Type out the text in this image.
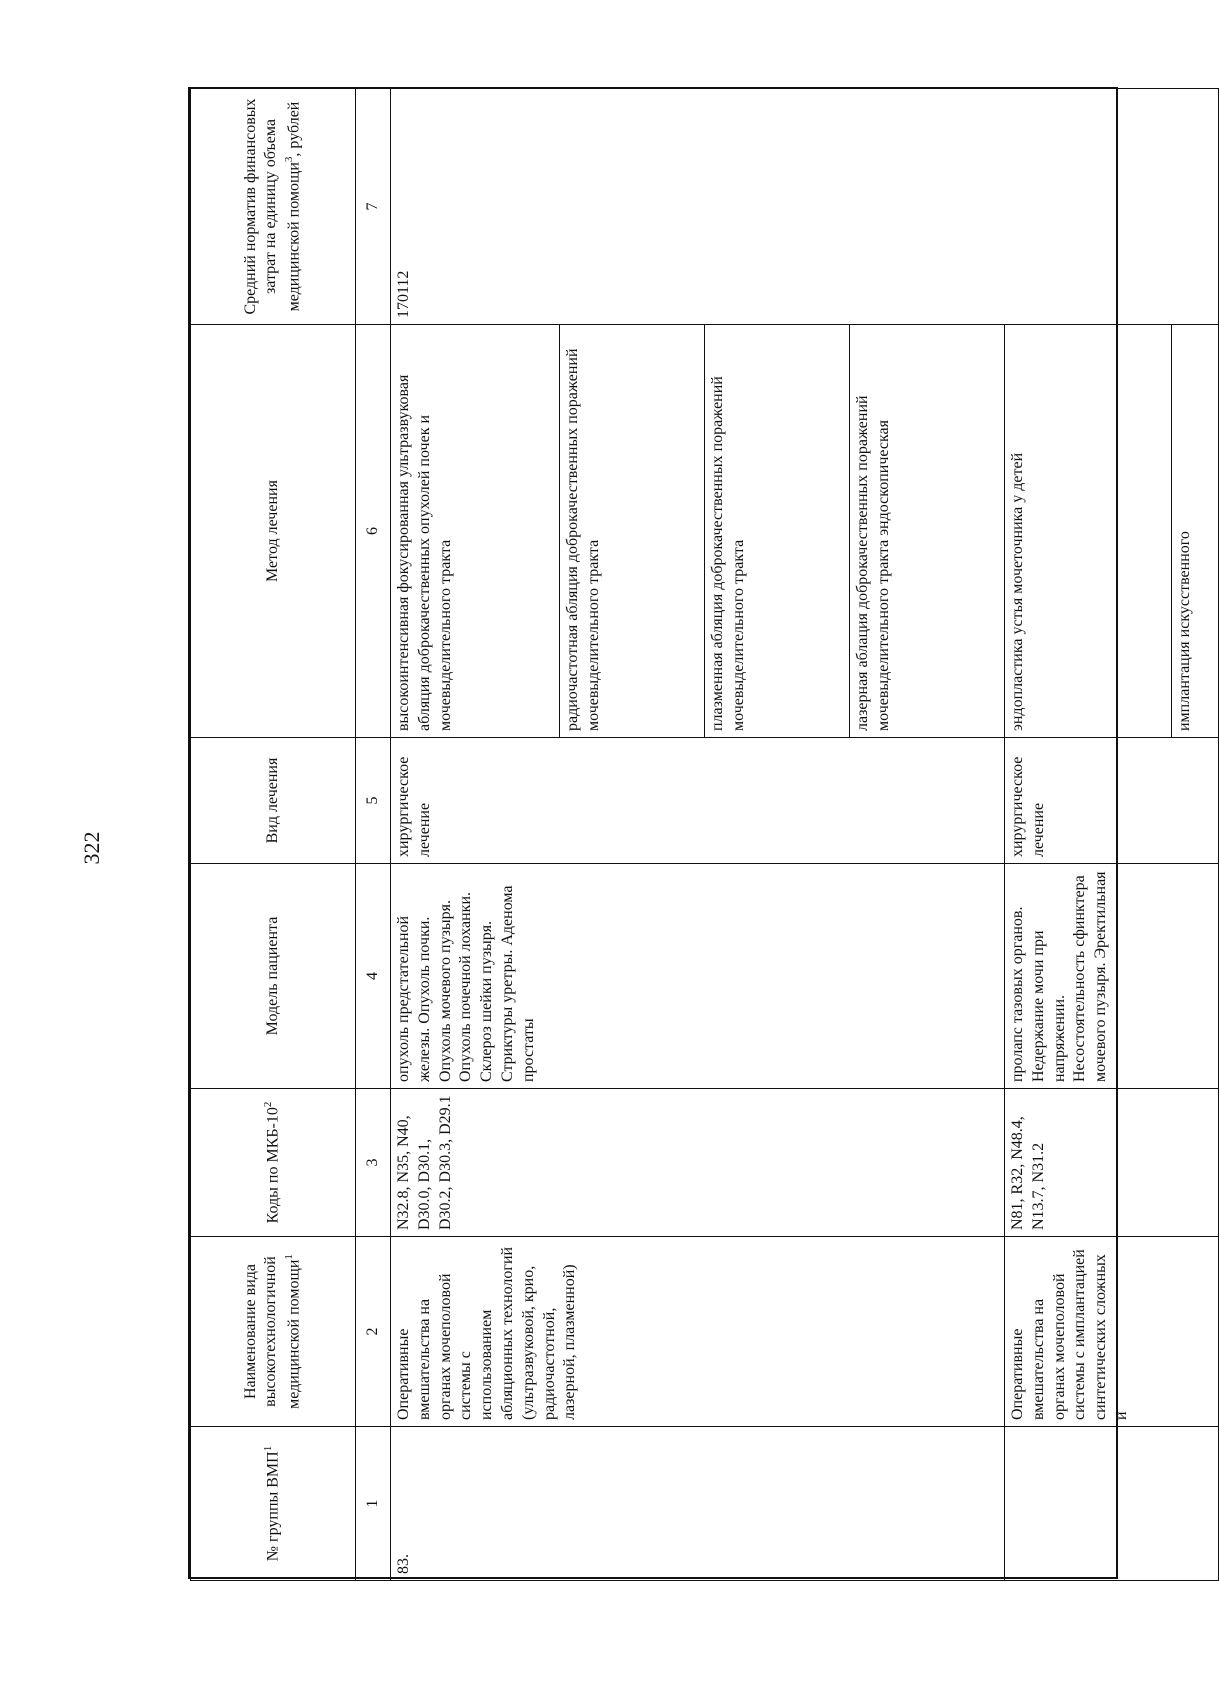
322
№ группы ВМП$^1$	Наименование вида высокотехнологичной медицинской помощи$^1$	Коды по МКБ-$10^2$	Модель пациента	Вид лечения	Метод лечения	Средний норматив финансовых затрат на единицу объема медицинской помощи$^3$, рублей
1	2	3	4	5	6	7
83.	Оперативные вмешательства на органах мочеполовой системы с использованием абляционных технологий (ультразвуковой, крио, радиочастотной, лазерной, плазменной)	N32.8, N35, N40, D30.0, D30.1, D30.2, D30.3, D29.1	опухоль предстательной железы. Опухоль почки. Опухоль мочевого пузыря. Опухоль почечной лоханки. Склероз шейки пузыря. Стриктуры уретры. Аденома простаты	хирургическое лечение	высокоинтенсивная фокусированная ультразвуковая абляция доброкачественных опухолей почек и мочевыделительного тракта	170112
					радиочастотная абляция доброкачественных поражений мочевыделительного тракта	
					плазменная абляция доброкачественных поражений мочевыделительного тракта	
					лазерная аблация доброкачественных поражений мочевыделительного тракта эндоскопическая	
	Оперативные вмешательства на органах мочеполовой системы с имплантацией синтетических сложных и	N81, R32, N48.4, N13.7, N31.2	пролапс тазовых органов. Недержание мочи при напряжении. Несостоятельность сфинктера мочевого пузыря. Эректильная	хирургическое лечение	эндопластика устья мочеточника у детей	
					имплантация искусственного	
